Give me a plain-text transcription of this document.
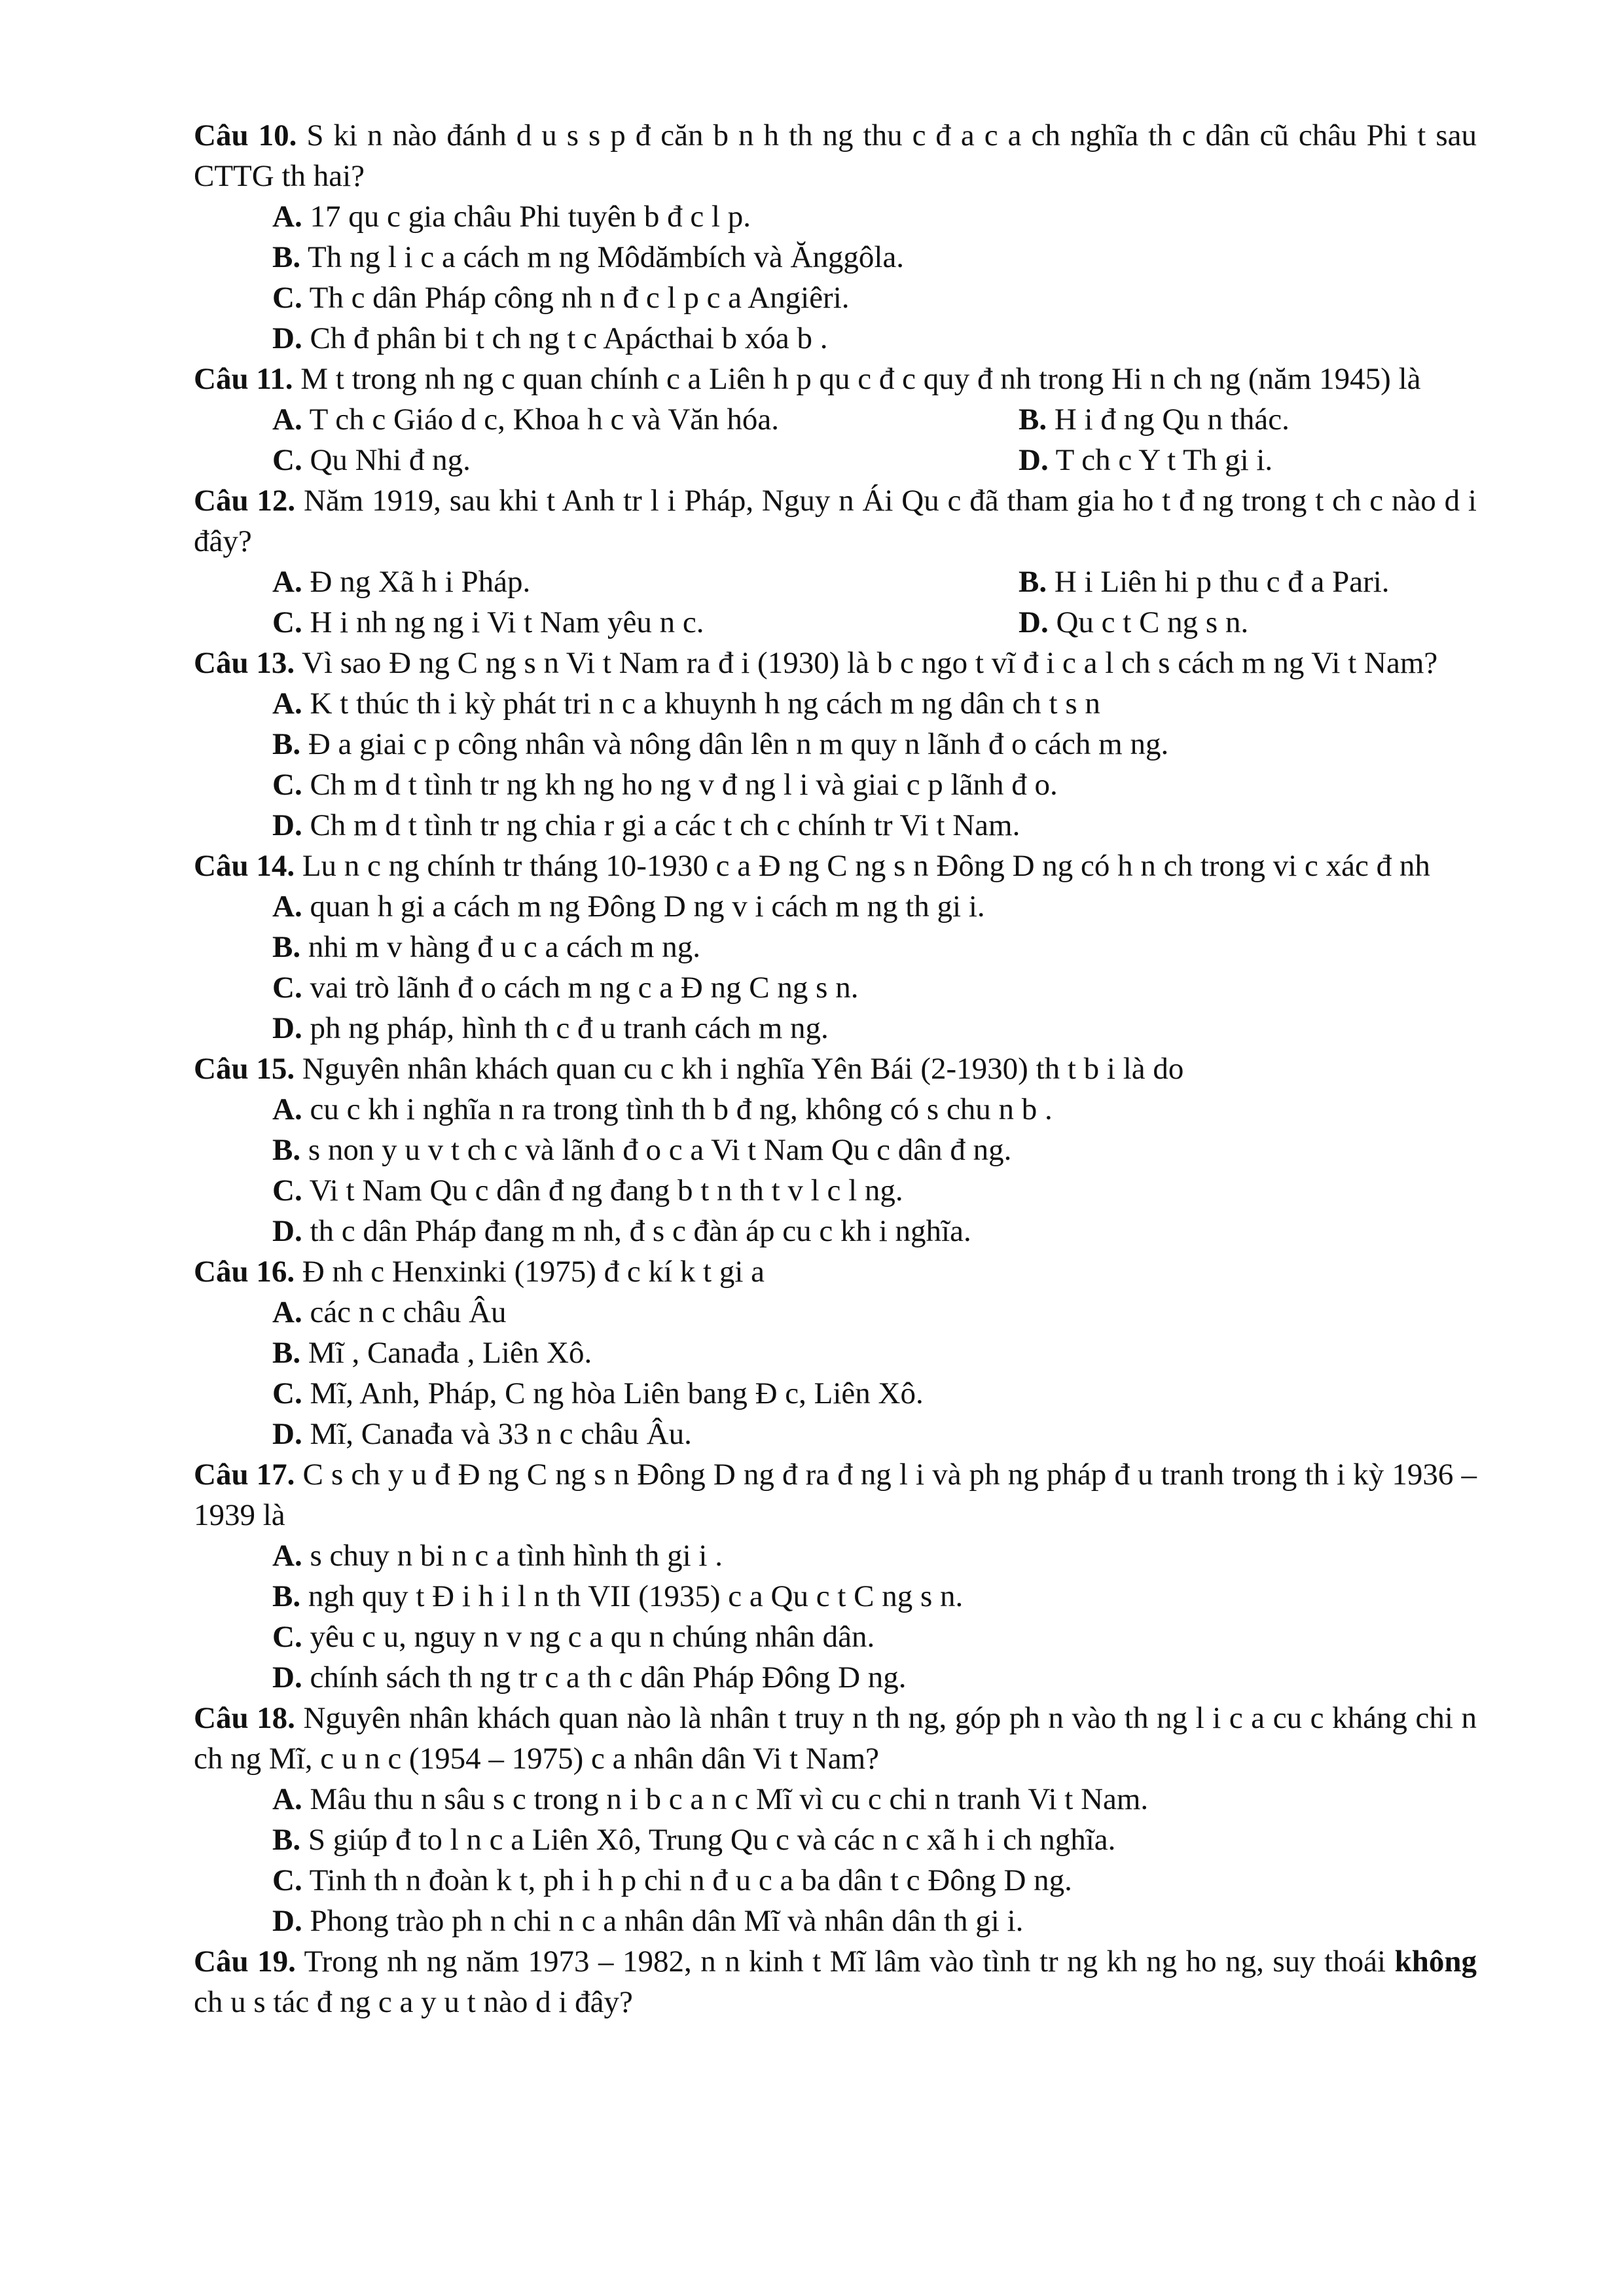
Câu 10. S ki n nào đánh d u s s p đ căn b n h th ng thu c đ a c a ch nghĩa th c dân cũ châu Phi t sau CTTG th hai?

A. 17 qu c gia châu Phi tuyên b đ c l p.

B. Th ng l i c a cách m ng Môdămbích và Ănggôla.

C. Th c dân Pháp công nh n đ c l p c a Angiêri.

D. Ch đ phân bi t ch ng t c Apácthai b xóa b .

Câu 11. M t trong nh ng c quan chính c a Liên h p qu c đ c quy đ nh trong Hi n ch ng (năm 1945) là

A. T ch c Giáo d c, Khoa h c và Văn hóa.	B. H i đ ng Qu n thác.

C. Qu Nhi đ ng.	D. T ch c Y t Th gi i.

Câu 12. Năm 1919, sau khi t Anh tr l i Pháp, Nguy n Ái Qu c đã tham gia ho t đ ng trong t ch c nào d i đây?

A. Đ ng Xã h i Pháp.	B. H i Liên hi p thu c đ a Pari.

C. H i nh ng ng i Vi t Nam yêu n c.	D. Qu c t C ng s n.

Câu 13. Vì sao Đ ng C ng s n Vi t Nam ra đ i (1930) là b c ngo t vĩ đ i c a l ch s cách m ng Vi t Nam?

A. K t thúc th i kỳ phát tri n c a khuynh h ng cách m ng dân ch t s n

B. Đ a giai c p công nhân và nông dân lên n m quy n lãnh đ o cách m ng.

C. Ch m d t tình tr ng kh ng ho ng v đ ng l i và giai c p lãnh đ o.

D. Ch m d t tình tr ng chia r gi a các t ch c chính tr Vi t Nam.

Câu 14. Lu n c ng chính tr tháng 10-1930 c a Đ ng C ng s n Đông D ng có h n ch trong vi c xác đ nh

A. quan h gi a cách m ng Đông D ng v i cách m ng th gi i.

B. nhi m v hàng đ u c a cách m ng.

C. vai trò lãnh đ o cách m ng c a Đ ng C ng s n.

D. ph ng pháp, hình th c đ u tranh cách m ng.

Câu 15. Nguyên nhân khách quan cu c kh i nghĩa Yên Bái (2-1930) th t b i là do

A. cu c kh i nghĩa n ra trong tình th b đ ng, không có s chu n b .

B. s non y u v t ch c và lãnh đ o c a Vi t Nam Qu c dân đ ng.

C. Vi t Nam Qu c dân đ ng đang b t n th t v l c l ng.

D. th c dân Pháp đang m nh, đ s c đàn áp cu c kh i nghĩa.

Câu 16. Đ nh c Henxinki (1975) đ c kí k t gi a

A. các n c châu Âu

B. Mĩ , Canađa , Liên Xô.

C. Mĩ, Anh, Pháp, C ng hòa Liên bang Đ c, Liên Xô.

D. Mĩ, Canađa và 33 n c châu Âu.

Câu 17. C s ch y u đ Đ ng C ng s n Đông D ng đ ra đ ng l i và ph ng pháp đ u tranh trong th i kỳ 1936 – 1939 là

A. s chuy n bi n c a tình hình th gi i .

B. ngh quy t Đ i h i l n th VII (1935) c a Qu c t C ng s n.

C. yêu c u, nguy n v ng c a qu n chúng nhân dân.

D. chính sách th ng tr c a th c dân Pháp Đông D ng.

Câu 18. Nguyên nhân khách quan nào là nhân t truy n th ng, góp ph n vào th ng l i c a cu c kháng chi n ch ng Mĩ, c u n c (1954 – 1975) c a nhân dân Vi t Nam?

A. Mâu thu n sâu s c trong n i b c a n c Mĩ vì cu c chi n tranh Vi t Nam.

B. S giúp đ to l n c a Liên Xô, Trung Qu c và các n c xã h i ch nghĩa.

C. Tinh th n đoàn k t, ph i h p chi n đ u c a ba dân t c Đông D ng.

D. Phong trào ph n chi n c a nhân dân Mĩ và nhân dân th gi i.

Câu 19. Trong nh ng năm 1973 – 1982, n n kinh t Mĩ lâm vào tình tr ng kh ng ho ng, suy thoái không ch u s tác đ ng c a y u t nào d i đây?
